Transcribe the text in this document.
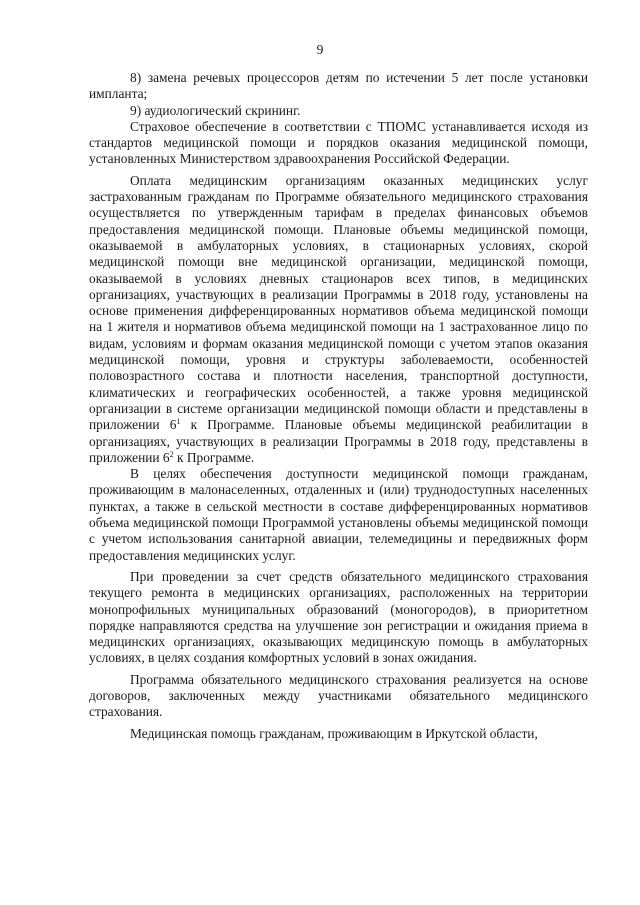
9

8) замена речевых процессоров детям по истечении 5 лет после установки импланта;

9) аудиологический скрининг.

Страховое обеспечение в соответствии с ТПОМС устанавливается исходя из стандартов медицинской помощи и порядков оказания медицинской помощи, установленных Министерством здравоохранения Российской Федерации.

Оплата медицинским организациям оказанных медицинских услуг застрахованным гражданам по Программе обязательного медицинского страхования осуществляется по утвержденным тарифам в пределах финансовых объемов предоставления медицинской помощи. Плановые объемы медицинской помощи, оказываемой в амбулаторных условиях, в стационарных условиях, скорой медицинской помощи вне медицинской организации, медицинской помощи, оказываемой в условиях дневных стационаров всех типов, в медицинских организациях, участвующих в реализации Программы в 2018 году, установлены на основе применения дифференцированных нормативов объема медицинской помощи на 1 жителя и нормативов объема медицинской помощи на 1 застрахованное лицо по видам, условиям и формам оказания медицинской помощи с учетом этапов оказания медицинской помощи, уровня и структуры заболеваемости, особенностей половозрастного состава и плотности населения, транспортной доступности, климатических и географических особенностей, а также уровня медицинской организации в системе организации медицинской помощи области и представлены в приложении $6^1$ к Программе. Плановые объемы медицинской реабилитации в организациях, участвующих в реализации Программы в 2018 году, представлены в приложении $6^2$ к Программе.

В целях обеспечения доступности медицинской помощи гражданам, проживающим в малонаселенных, отдаленных и (или) труднодоступных населенных пунктах, а также в сельской местности в составе дифференцированных нормативов объема медицинской помощи Программой установлены объемы медицинской помощи с учетом использования санитарной авиации, телемедицины и передвижных форм предоставления медицинских услуг.

При проведении за счет средств обязательного медицинского страхования текущего ремонта в медицинских организациях, расположенных на территории монопрофильных муниципальных образований (моногородов), в приоритетном порядке направляются средства на улучшение зон регистрации и ожидания приема в медицинских организациях, оказывающих медицинскую помощь в амбулаторных условиях, в целях создания комфортных условий в зонах ожидания.

Программа обязательного медицинского страхования реализуется на основе договоров, заключенных между участниками обязательного медицинского страхования.

Медицинская помощь гражданам, проживающим в Иркутской области,
